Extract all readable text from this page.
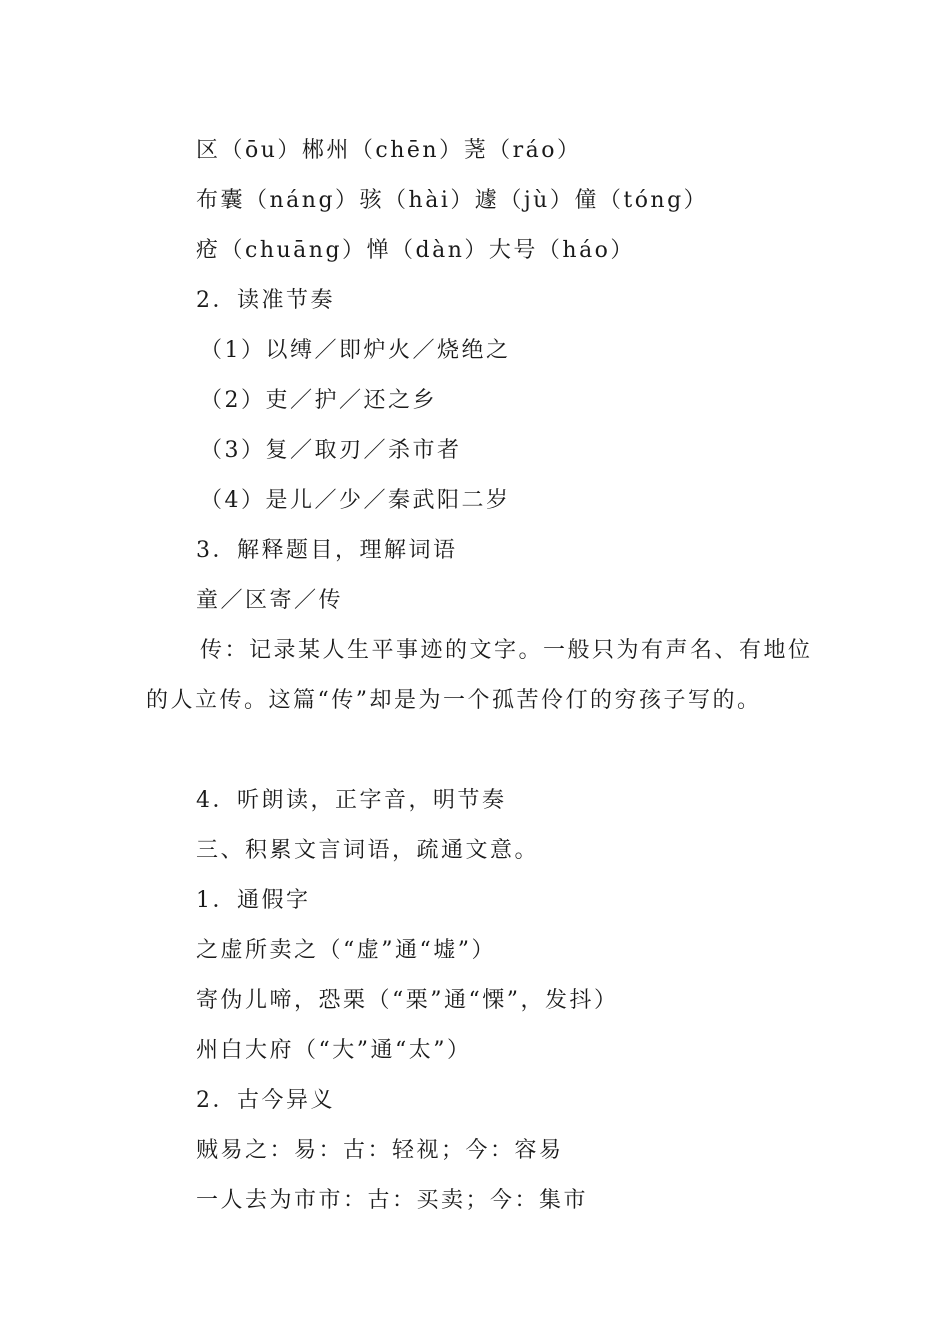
区（ōu）郴州（chēn）荛（ráo）
布囊（náng）骇（hài）遽（jù）僮（tóng）
疮（chuāng）惮（dàn）大号（háo）
2．读准节奏
（1）以缚／即炉火／烧绝之
（2）吏／护／还之乡
（3）复／取刃／杀市者
（4）是儿／少／秦武阳二岁
3．解释题目，理解词语
童／区寄／传
传：记录某人生平事迹的文字。一般只为有声名、有地位的人立传。这篇“传”却是为一个孤苦伶仃的穷孩子写的。
4．听朗读，正字音，明节奏
三、积累文言词语，疏通文意。
1．通假字
之虚所卖之（“虚”通“墟”）
寄伪儿啼，恐栗（“栗”通“慄”，发抖）
州白大府（“大”通“太”）
2．古今异义
贼易之：易：古：轻视；今：容易
一人去为市市：古：买卖；今：集市
